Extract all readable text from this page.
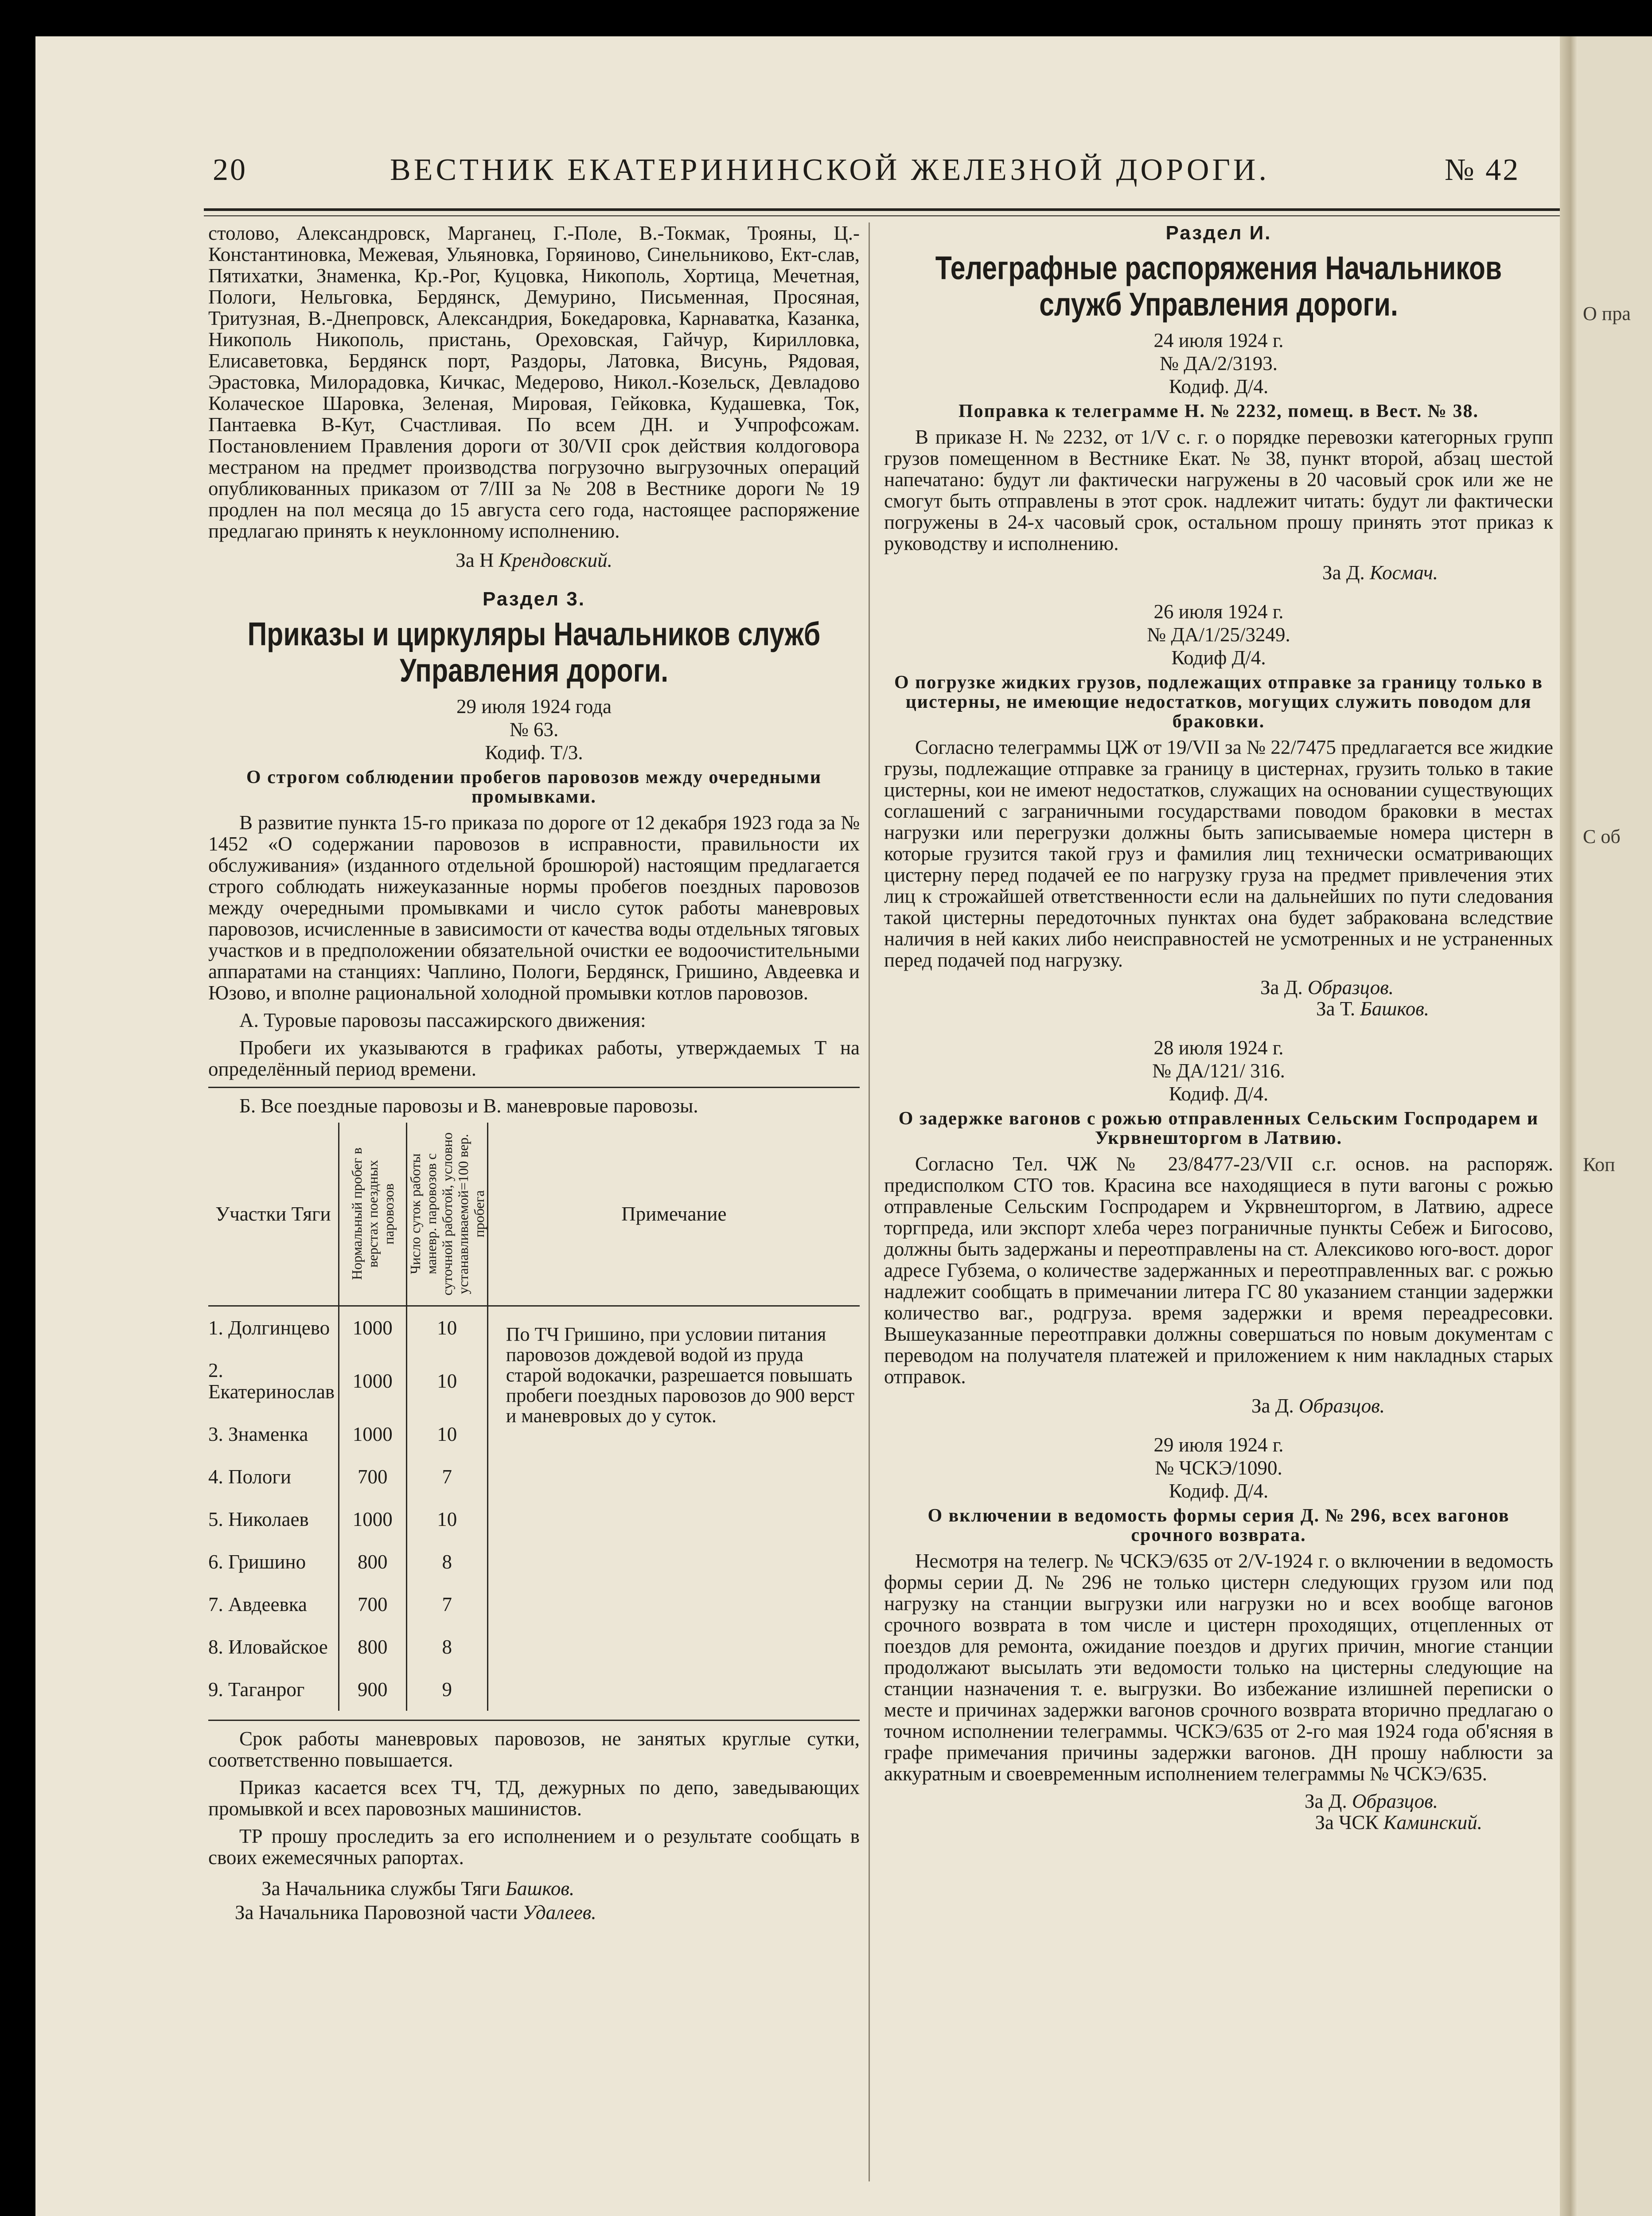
20	ВЕСТНИК ЕКАТЕРИНИНСКОЙ ЖЕЛЕЗНОЙ ДОРОГИ.	№ 42

столово, Александровск, Марганец, Г.-Поле, В.-Токмак, Трояны, Ц.-Константиновка, Межевая, Ульяновка, Горяиново, Синельниково, Ект-слав, Пятихатки, Знаменка, Кр.-Рог, Куцовка, Никополь, Хортица, Мечетная, Пологи, Нельговка, Бердянск, Демурино, Письменная, Просяная, Тритузная, В.-Днепровск, Александрия, Бокедаровка, Карнаватка, Казанка, Никополь Никополь, пристань, Ореховская, Гайчур, Кирилловка, Елисаветовка, Бердянск порт, Раздоры, Латовка, Висунь, Рядовая, Эрастовка, Милорадовка, Кичкас, Медерово, Никол.-Козельск, Девладово Колаческое Шаровка, Зеленая, Мировая, Гейковка, Кудашевка, Ток, Пантаевка В-Кут, Счастливая. По всем ДН. и Учпрофсожам. Постановлением Правления дороги от 30/VII срок действия колдоговора местраном на предмет производства погрузочно выгрузочных операций опубликованных приказом от 7/III за № 208 в Вестнике дороги № 19 продлен на пол месяца до 15 августа сего года, настоящее распоряжение предлагаю принять к неуклонному исполнению.

За Н Крендовский.
Раздел 3.
Приказы и циркуляры Начальников служб Управления дороги.
29 июля 1924 года
№ 63.
Кодиф. Т/3.
О строгом соблюдении пробегов паровозов между очередными промывками.

В развитие пункта 15-го приказа по дороге от 12 декабря 1923 года за № 1452 «О содержании паровозов в исправности, правильности их обслуживания» (изданного отдельной брошюрой) настоящим предлагается строго соблюдать нижеуказанные нормы пробегов поездных паровозов между очередными промывками и число суток работы маневровых паровозов, исчисленные в зависимости от качества воды отдельных тяговых участков и в предположении обязательной очистки ее водоочистительными аппаратами на станциях: Чаплино, Пологи, Бердянск, Гришино, Авдеевка и Юзово, и вполне рациональной холодной промывки котлов паровозов.

А. Туровые паровозы пассажирского движения:

Пробеги их указываются в графиках работы, утверждаемых Т на определённый период времени.

Б. Все поездные паровозы и В. маневровые паровозы.

Участки Тяги	Нормальный пробег в верстах поездных паровозов	Число суток работы маневр. паровозов с суточной работой, условно устанавливаемой=100 вер. пробега	Примечание
1. Долгинцево	1000	10	По ТЧ Гришино, при условии питания паровозов дождевой водой из пруда старой водокачки, разрешается повышать пробеги поездных паровозов до 900 верст и маневровых до у суток.
2. Екатеринослав	1000	10	
3. Знаменка	1000	10	
4. Пологи	700	7	
5. Николаев	1000	10	
6. Гришино	800	8	
7. Авдеевка	700	7	
8. Иловайское	800	8	
9. Таганрог	900	9	

Срок работы маневровых паровозов, не занятых круглые сутки, соответственно повышается.

Приказ касается всех ТЧ, ТД, дежурных по депо, заведывающих промывкой и всех паровозных машинистов.

ТР прошу проследить за его исполнением и о результате сообщать в своих ежемесячных рапортах.

За Начальника службы Тяги Башков.
За Начальника Паровозной части Удалеев.
Раздел И.
Телеграфные распоряжения Начальников служб Управления дороги.
24 июля 1924 г.
№ ДА/2/3193.
Кодиф. Д/4.
Поправка к телеграмме Н. № 2232, помещ. в Вест. № 38.

В приказе Н. № 2232, от 1/V с. г. о порядке перевозки категорных групп грузов помещенном в Вестнике Екат. № 38, пункт второй, абзац шестой напечатано: будут ли фактически нагружены в 20 часовый срок или же не смогут быть отправлены в этот срок. надлежит читать: будут ли фактически погружены в 24-х часовый срок, остальном прошу принять этот приказ к руководству и исполнению.

За Д. Космач.
26 июля 1924 г.
№ ДА/1/25/3249.
Кодиф Д/4.
О погрузке жидких грузов, подлежащих отправке за границу только в цистерны, не имеющие недостатков, могущих служить поводом для браковки.

Согласно телеграммы ЦЖ от 19/VII за № 22/7475 предлагается все жидкие грузы, подлежащие отправке за границу в цистернах, грузить только в такие цистерны, кои не имеют недостатков, служащих на основании существующих соглашений с заграничными государствами поводом браковки в местах нагрузки или перегрузки должны быть записываемые номера цистерн в которые грузится такой груз и фамилия лиц технически осматривающих цистерну перед подачей ее по нагрузку груза на предмет привлечения этих лиц к строжайшей ответственности если на дальнейших по пути следования такой цистерны передоточных пунктах она будет забракована вследствие наличия в ней каких либо неисправностей не усмотренных и не устраненных перед подачей под нагрузку.

За Д. Образцов.
За Т. Башков.
28 июля 1924 г.
№ ДА/121/ 316.
Кодиф. Д/4.
О задержке вагонов с рожью отправленных Сельским Госпродарем и Укрвнешторгом в Латвию.

Согласно Тел. ЧЖ № 23/8477-23/VII с.г. основ. на распоряж. предисполком СТО тов. Красина все находящиеся в пути вагоны с рожью отправленые Сельским Госпродарем и Укрвнешторгом, в Латвию, адресе торгпреда, или экспорт хлеба через пограничные пункты Себеж и Бигосово, должны быть задержаны и переотправлены на ст. Алексиково юго-вост. дорог адресе Губзема, о количестве задержанных и переотправленных ваг. с рожью надлежит сообщать в примечании литера ГС 80 указанием станции задержки количество ваг., родгруза. время задержки и время переадресовки. Вышеуказанные переотправки должны совершаться по новым документам с переводом на получателя платежей и приложением к ним накладных старых отправок.

За Д. Образцов.
29 июля 1924 г.
№ ЧСКЭ/1090.
Кодиф. Д/4.
О включении в ведомость формы серия Д. № 296, всех вагонов срочного возврата.

Несмотря на телегр. № ЧСКЭ/635 от 2/V-1924 г. о включении в ведомость формы серии Д. № 296 не только цистерн следующих грузом или под нагрузку на станции выгрузки или нагрузки но и всех вообще вагонов срочного возврата в том числе и цистерн проходящих, отцепленных от поездов для ремонта, ожидание поездов и других причин, многие станции продолжают высылать эти ведомости только на цистерны следующие на станции назначения т. е. выгрузки. Во избежание излишней переписки о месте и причинах задержки вагонов срочного возврата вторично предлагаю о точном исполнении телеграммы. ЧСКЭ/635 от 2-го мая 1924 года об'ясняя в графе примечания причины задержки вагонов. ДН прошу наблюсти за аккуратным и своевременным исполнением телеграммы № ЧСКЭ/635.

За Д. Образцов.
За ЧСК Каминский.
О пра
С об
Коп
